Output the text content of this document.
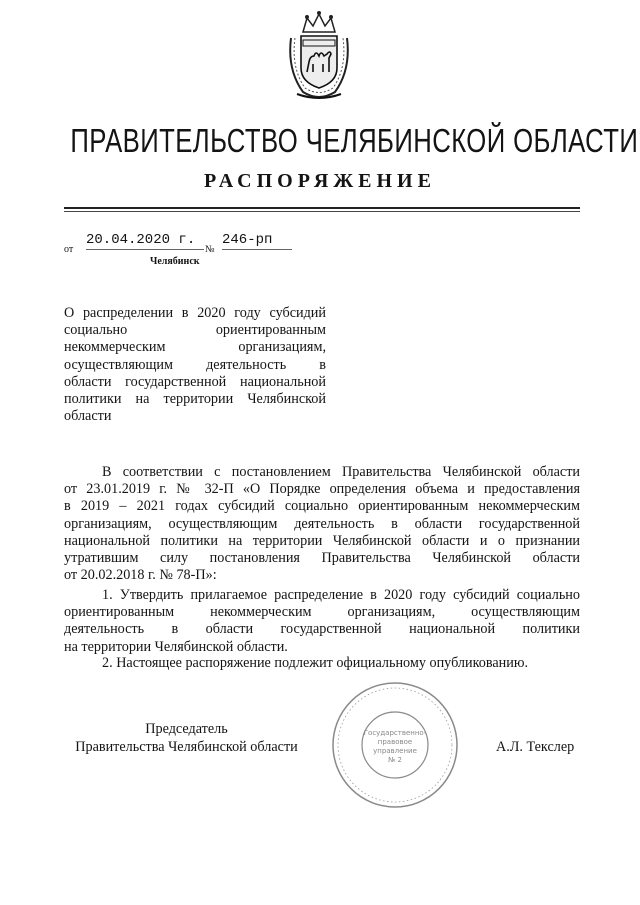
ПРАВИТЕЛЬСТВО ЧЕЛЯБИНСКОЙ ОБЛАСТИ
РАСПОРЯЖЕНИЕ
от
20.04.2020 г.
№
246-рп
Челябинск
О распределении в 2020 году субсидий
социально ориентированным
некоммерческим организациям,
осуществляющим деятельность в
области государственной национальной
политики на территории Челябинской
области
В соответствии с постановлением Правительства Челябинской области
от 23.01.2019 г. № 32-П «О Порядке определения объема и предоставления
в 2019 – 2021 годах субсидий социально ориентированным некоммерческим
организациям, осуществляющим деятельность в области государственной
национальной политики на территории Челябинской области и о признании
утратившим силу постановления Правительства Челябинской области
от 20.02.2018 г. № 78-П»:
1. Утвердить прилагаемое распределение в 2020 году субсидий социально
ориентированным некоммерческим организациям, осуществляющим
деятельность в области государственной национальной политики
на территории Челябинской области.
2. Настоящее распоряжение подлежит официальному опубликованию.
Государственно-
правовое
управление
№ 2
Председатель
Правительства Челябинской области	А.Л. Текслер
